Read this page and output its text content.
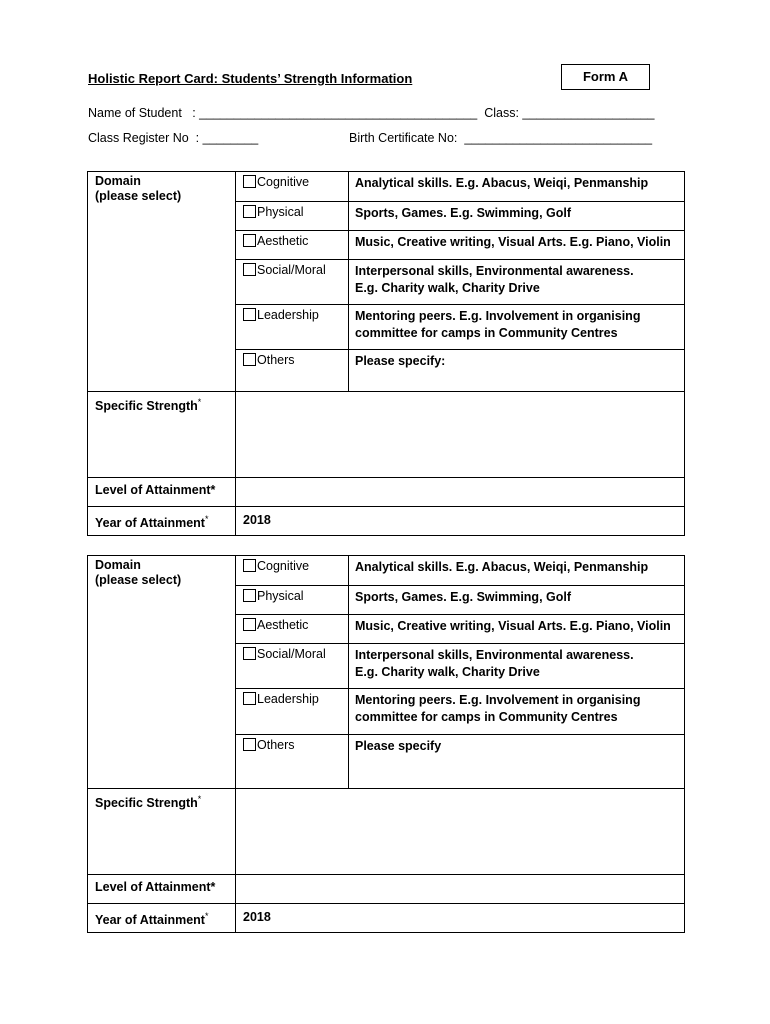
Holistic Report Card: Students’ Strength Information	Form A
Name of Student   : ________________________________________  Class: ___________________
Class Register No  : ________	Birth Certificate No:  ___________________________
Domain
(please select)	Cognitive	Analytical skills. E.g. Abacus, Weiqi, Penmanship

	Physical	Sports, Games. E.g. Swimming, Golf

	Aesthetic	Music, Creative writing, Visual Arts. E.g. Piano, Violin

	Social/Moral	Interpersonal skills, Environmental awareness.
E.g. Charity walk, Charity Drive

	Leadership	Mentoring peers. E.g. Involvement in organising
committee for camps in Community Centres

	Others	Please specify:

Specific Strength*	
Level of Attainment*		
Year of Attainment*	2018	
Domain
(please select)	Cognitive	Analytical skills. E.g. Abacus, Weiqi, Penmanship

	Physical	Sports, Games. E.g. Swimming, Golf

	Aesthetic	Music, Creative writing, Visual Arts. E.g. Piano, Violin

	Social/Moral	Interpersonal skills, Environmental awareness.
E.g. Charity walk, Charity Drive

	Leadership	Mentoring peers. E.g. Involvement in organising
committee for camps in Community Centres

	Others	Please specify

Specific Strength*	
Level of Attainment*		
Year of Attainment*	2018	
